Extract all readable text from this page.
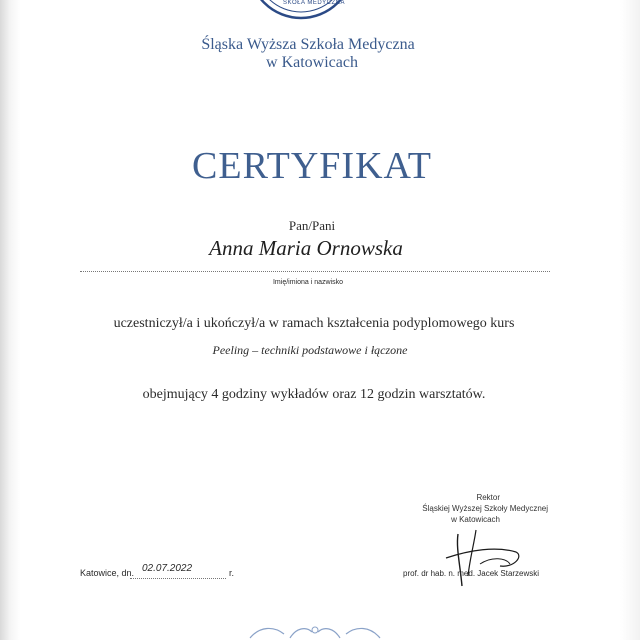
SKOŁA MEDYCZNA
Śląska Wyższa Szkoła Medyczna
w Katowicach
CERTYFIKAT
Pan/Pani
Anna Maria Ornowska
Imię/imiona i nazwisko
uczestniczył/a i ukończył/a w ramach kształcenia podyplomowego kurs
Peeling – techniki podstawowe i łączone
obejmujący 4 godziny wykładów oraz 12 godzin warsztatów.
Rektor
Śląskiej Wyższej Szkoły Medycznej
w Katowicach
Katowice, dn. 02.07.2022	r.	prof. dr hab. n. med. Jacek Starzewski
